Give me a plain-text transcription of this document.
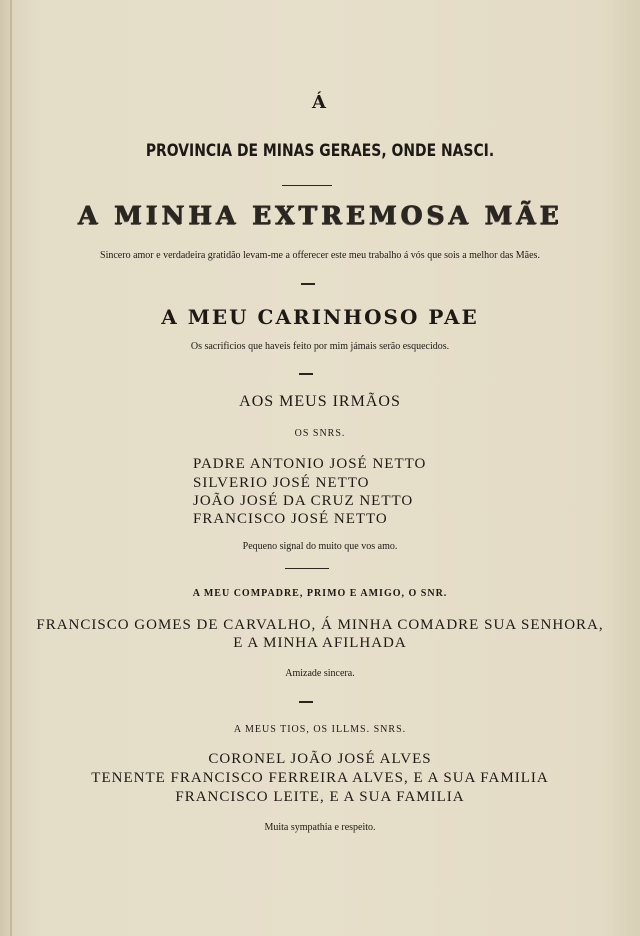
Á
PROVINCIA DE MINAS GERAES, ONDE NASCI.
A MINHA EXTREMOSA MÃE
Sincero amor e verdadeira gratidão levam-me a offerecer este meu trabalho á vós que sois a melhor das Mães.
A MEU CARINHOSO PAE
Os sacrificios que haveis feito por mim jámais serão esquecidos.
AOS MEUS IRMÃOS
OS SNRS.
PADRE ANTONIO JOSÉ NETTO
SILVERIO JOSÉ NETTO
JOÃO JOSÉ DA CRUZ NETTO
FRANCISCO JOSÉ NETTO
Pequeno signal do muito que vos amo.
A MEU COMPADRE, PRIMO E AMIGO, O SNR.
FRANCISCO GOMES DE CARVALHO, Á MINHA COMADRE SUA SENHORA,
E A MINHA AFILHADA
Amizade sincera.
A MEUS TIOS, OS ILLMS. SNRS.
CORONEL JOÃO JOSÉ ALVES
TENENTE FRANCISCO FERREIRA ALVES, E A SUA FAMILIA
FRANCISCO LEITE, E A SUA FAMILIA
Muita sympathia e respeito.
